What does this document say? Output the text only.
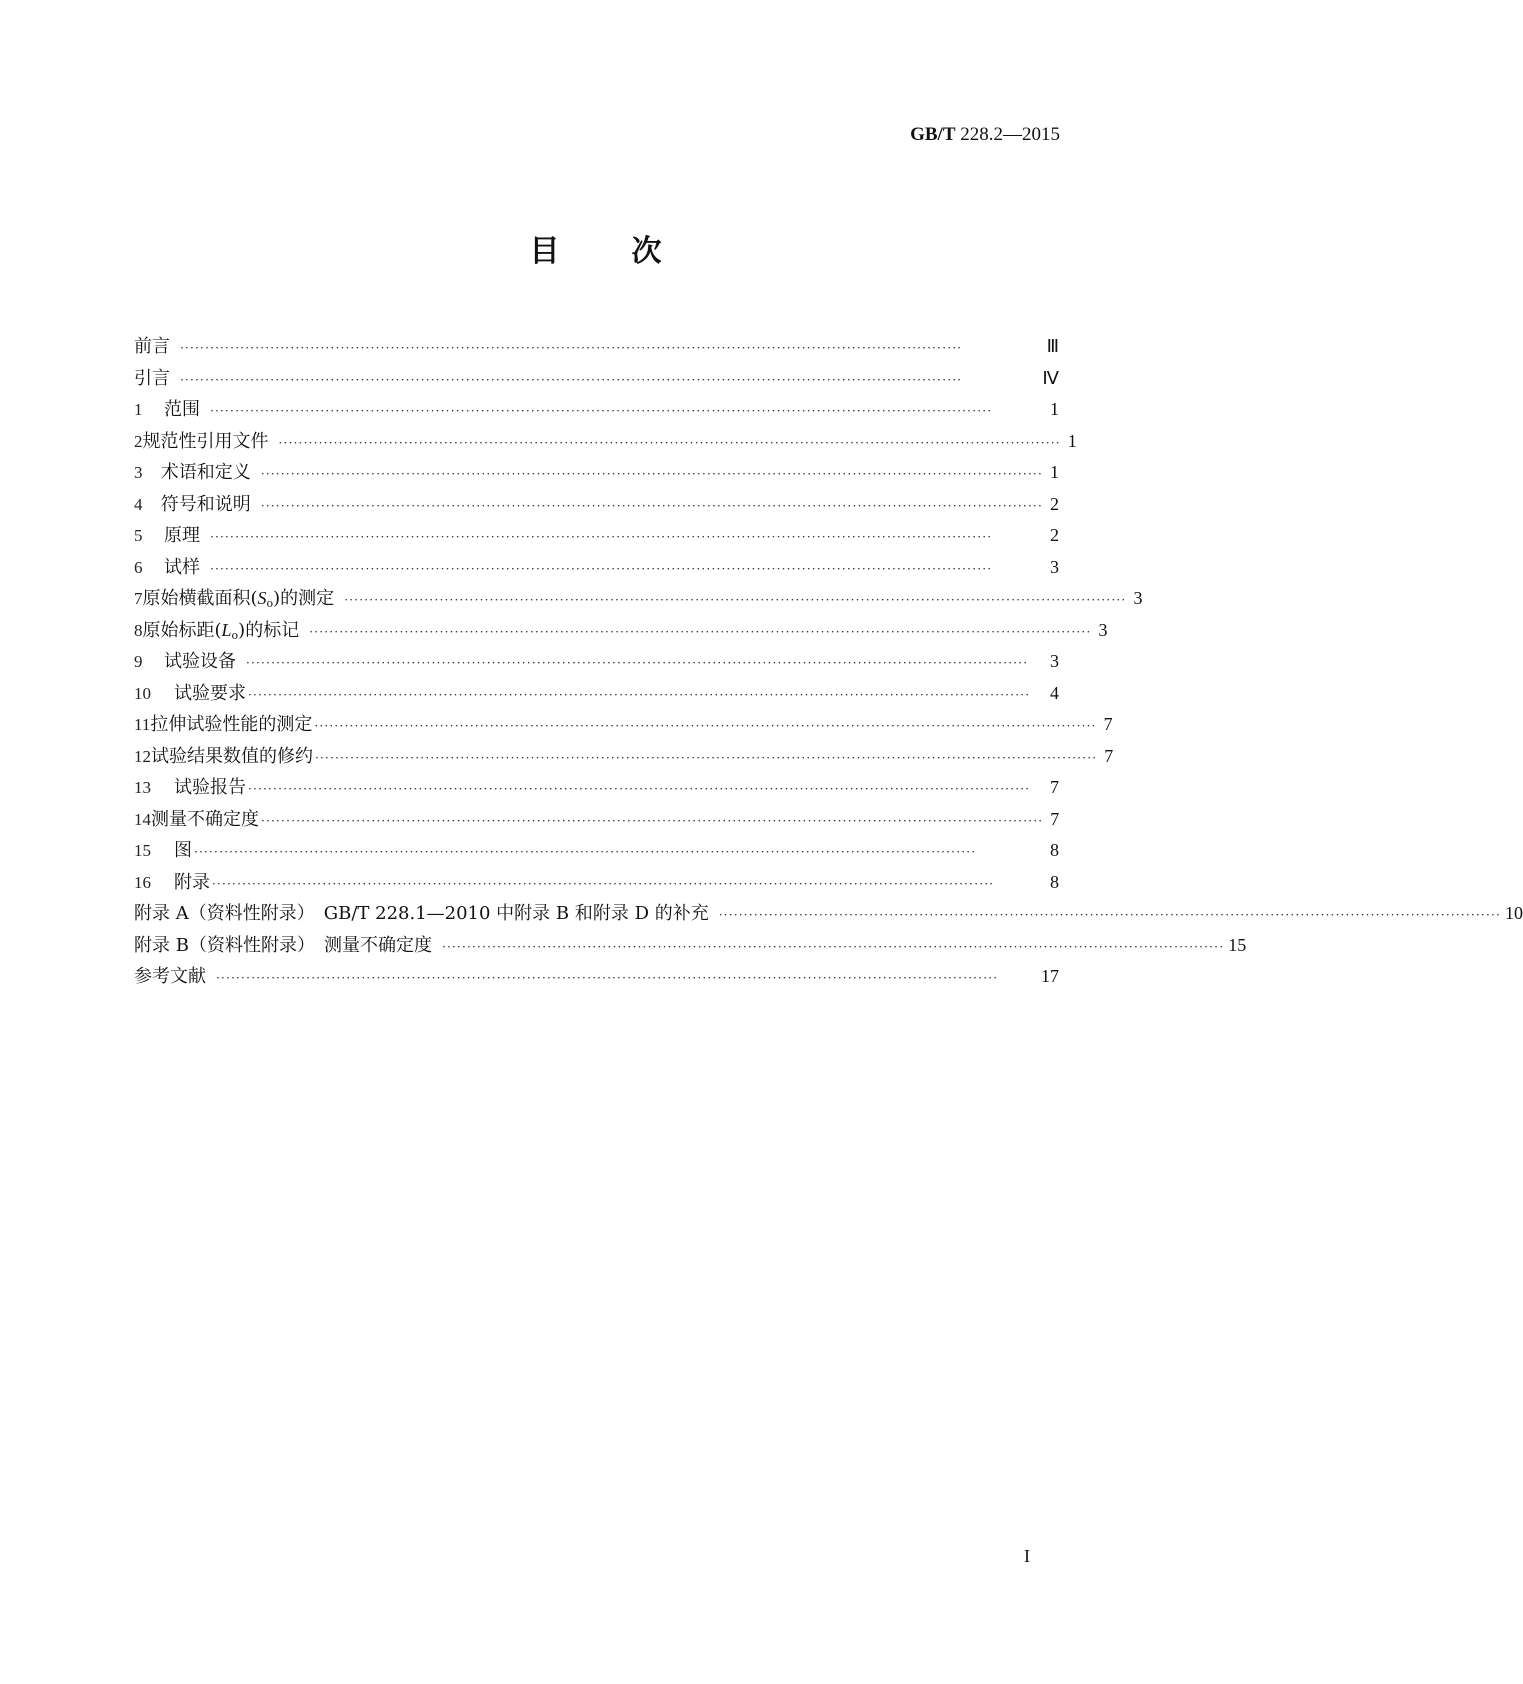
GB/T 228.2—2015
目 次
前言 ····························································································································································	Ⅲ
引言 ····························································································································································	Ⅳ
1	范围 ····························································································································································	1
2 规范性引用文件 ···························································································································································· 1
3	术语和定义 ···························································································································································· 1
4	符号和说明 ···························································································································································· 2
5	原理 ····························································································································································	2
6	试样 ····························································································································································	3
7 原始横截面积$(S_o)$的测定 ···························································································································································· 3
8 原始标距$(L_o)$的标记 ···························································································································································· 3
9	试验设备 ····························································································································································	3
10	试验要求 ····························································································································································	4
11 拉伸试验性能的测定 ···························································································································································· 7
12 试验结果数值的修约 ···························································································································································· 7
13	试验报告 ····························································································································································	7
14 测量不确定度 ···························································································································································· 7
15	图 ····························································································································································	8
16	附录 ····························································································································································	8
附录 A（资料性附录）　GB/T 228.1—2010 中附录 B 和附录 D 的补充 ···························································································································································· 10
附录 B（资料性附录）　测量不确定度 ···························································································································································· 15
参考文献 ····························································································································································	17
I
